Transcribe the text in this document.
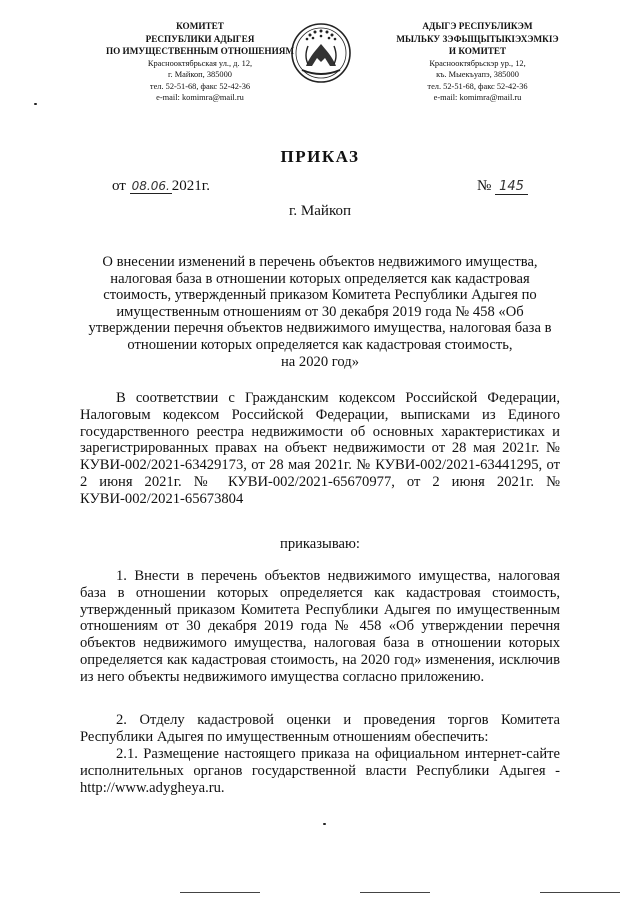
КОМИТЕТ
РЕСПУБЛИКИ АДЫГЕЯ
ПО ИМУЩЕСТВЕННЫМ ОТНОШЕНИЯМ
Краснооктябрьская ул., д. 12,
г. Майкоп, 385000
тел. 52-51-68, факс 52-42-36
e-mail: komimra@mail.ru
АДЫГЭ РЕСПУБЛИКЭМ
МЫЛЬКУ ЗЭФЫЩЫТЫКIЭХЭМКIЭ
И КОМИТЕТ
Краснооктябрьскэр ур., 12,
къ. Мыекъуапэ, 385000
тел. 52-51-68, факс 52-42-36
e-mail: komimra@mail.ru
ПРИКАЗ
от 08.06. 2021г.	№ 145
г. Майкоп
О внесении изменений в перечень объектов недвижимого имущества,
налоговая база в отношении которых определяется как кадастровая
стоимость, утвержденный приказом Комитета Республики Адыгея по
имущественным отношениям от 30 декабря 2019 года № 458 «Об
утверждении перечня объектов недвижимого имущества, налоговая база в
отношении которых определяется как кадастровая стоимость,
на 2020 год»
В соответствии с Гражданским кодексом Российской Федерации, Налоговым кодексом Российской Федерации, выписками из Единого государственного реестра недвижимости об основных характеристиках и зарегистрированных правах на объект недвижимости от 28 мая 2021г. № КУВИ-002/2021-63429173, от 28 мая 2021г. № КУВИ-002/2021-63441295, от 2 июня 2021г. № КУВИ-002/2021-65670977, от 2 июня 2021г. № КУВИ-002/2021-65673804
приказываю:
1. Внести в перечень объектов недвижимого имущества, налоговая база в отношении которых определяется как кадастровая стоимость, утвержденный приказом Комитета Республики Адыгея по имущественным отношениям от 30 декабря 2019 года № 458 «Об утверждении перечня объектов недвижимого имущества, налоговая база в отношении которых определяется как кадастровая стоимость, на 2020 год» изменения, исключив из него объекты недвижимого имущества согласно приложению.
2. Отделу кадастровой оценки и проведения торгов Комитета Республики Адыгея по имущественным отношениям обеспечить:
2.1. Размещение настоящего приказа на официальном интернет-сайте исполнительных органов государственной власти Республики Адыгея - http://www.adygheya.ru.
